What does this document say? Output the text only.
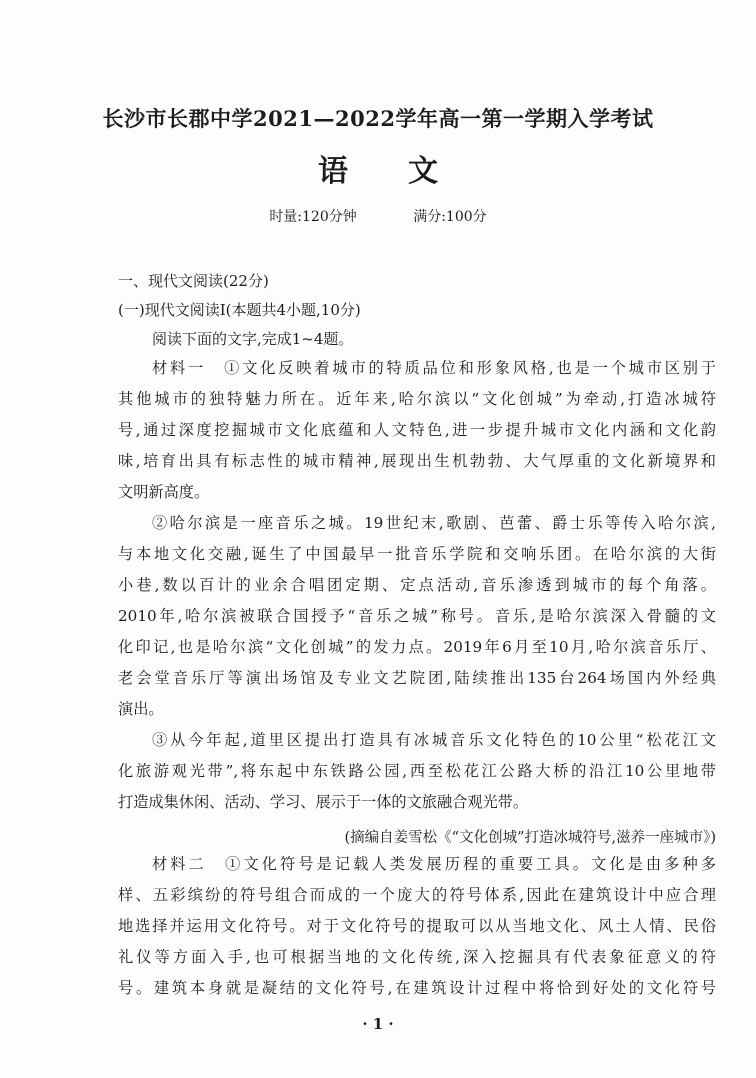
长沙市长郡中学2021—2022学年高一第一学期入学考试
语文
时量:120分钟	满分:100分
一、现代文阅读(22分)
(一)现代文阅读Ⅰ(本题共4小题,10分)
阅读下面的文字,完成1~4题。
材料一　①文化反映着城市的特质品位和形象风格,也是一个城市区别于
其他城市的独特魅力所在。近年来,哈尔滨以“文化创城”为牵动,打造冰城符
号,通过深度挖掘城市文化底蕴和人文特色,进一步提升城市文化内涵和文化韵
味,培育出具有标志性的城市精神,展现出生机勃勃、大气厚重的文化新境界和
文明新高度。
②哈尔滨是一座音乐之城。19世纪末,歌剧、芭蕾、爵士乐等传入哈尔滨,
与本地文化交融,诞生了中国最早一批音乐学院和交响乐团。在哈尔滨的大街
小巷,数以百计的业余合唱团定期、定点活动,音乐渗透到城市的每个角落。
2010年,哈尔滨被联合国授予“音乐之城”称号。音乐,是哈尔滨深入骨髓的文
化印记,也是哈尔滨“文化创城”的发力点。2019年6月至10月,哈尔滨音乐厅、
老会堂音乐厅等演出场馆及专业文艺院团,陆续推出135台264场国内外经典
演出。
③从今年起,道里区提出打造具有冰城音乐文化特色的10公里“松花江文
化旅游观光带”,将东起中东铁路公园,西至松花江公路大桥的沿江10公里地带
打造成集休闲、活动、学习、展示于一体的文旅融合观光带。
(摘编自姜雪松《“文化创城”打造冰城符号,滋养一座城市》)
材料二　①文化符号是记载人类发展历程的重要工具。文化是由多种多
样、五彩缤纷的符号组合而成的一个庞大的符号体系,因此在建筑设计中应合理
地选择并运用文化符号。对于文化符号的提取可以从当地文化、风土人情、民俗
礼仪等方面入手,也可根据当地的文化传统,深入挖掘具有代表象征意义的符
号。建筑本身就是凝结的文化符号,在建筑设计过程中将恰到好处的文化符号
· 1 ·
